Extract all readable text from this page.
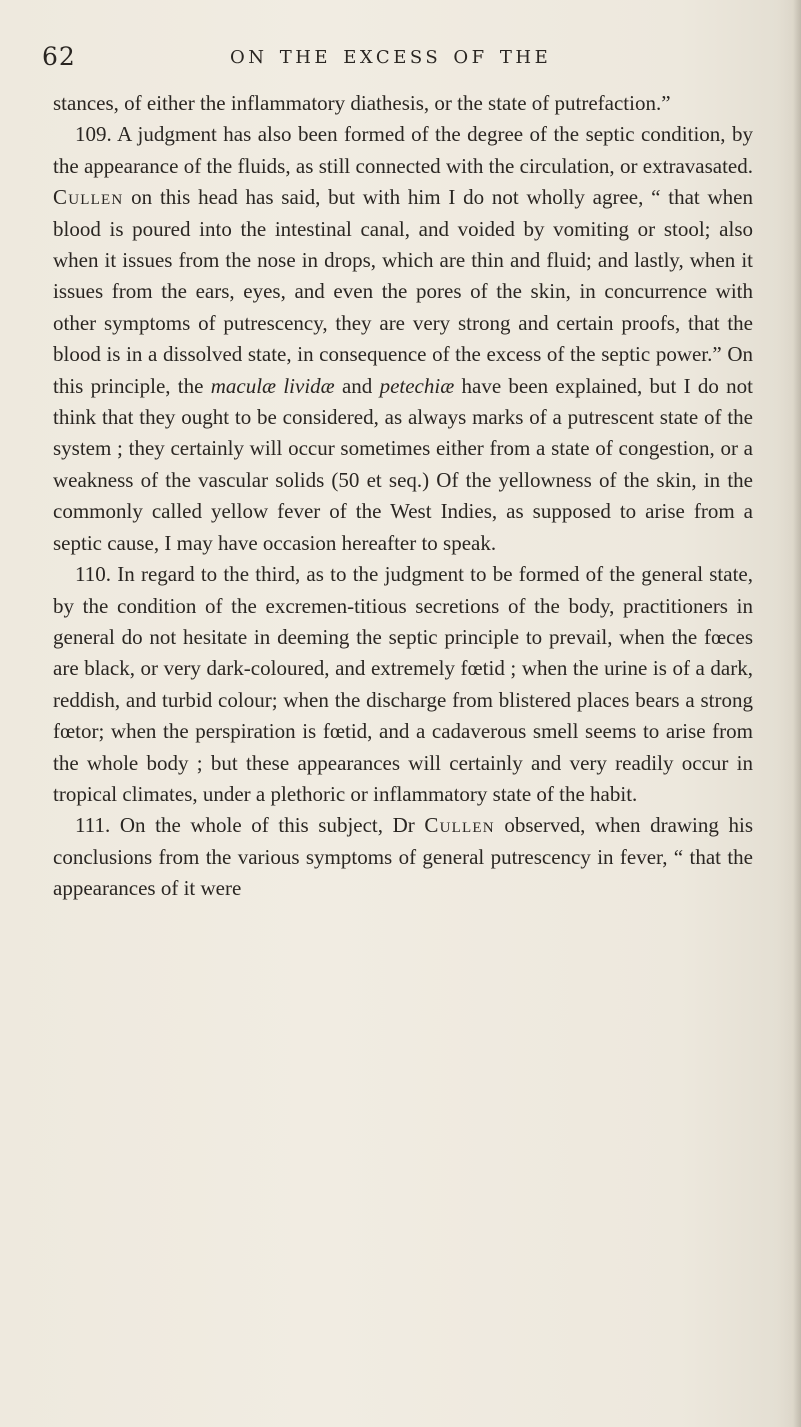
62	ON THE EXCESS OF THE

stances, of either the inflammatory diathesis, or the state of putrefaction.”

109. A judgment has also been formed of the degree of the septic condition, by the appearance of the fluids, as still connected with the circulation, or extravasated. Cullen on this head has said, but with him I do not wholly agree, “ that when blood is poured into the intestinal canal, and voided by vomiting or stool; also when it issues from the nose in drops, which are thin and fluid; and lastly, when it issues from the ears, eyes, and even the pores of the skin, in concurrence with other symptoms of putrescency, they are very strong and certain proofs, that the blood is in a dissolved state, in consequence of the excess of the septic power.” On this principle, the maculæ lividæ and petechiæ have been explained, but I do not think that they ought to be considered, as always marks of a putrescent state of the system ; they certainly will occur sometimes either from a state of congestion, or a weakness of the vascular solids (50 et seq.) Of the yellowness of the skin, in the commonly called yellow fever of the West Indies, as supposed to arise from a septic cause, I may have occasion hereafter to speak.

110. In regard to the third, as to the judgment to be formed of the general state, by the condition of the excremen-titious secretions of the body, practitioners in general do not hesitate in deeming the septic principle to prevail, when the fœces are black, or very dark-coloured, and extremely fœtid ; when the urine is of a dark, reddish, and turbid colour; when the discharge from blistered places bears a strong fœtor; when the perspiration is fœtid, and a cadaverous smell seems to arise from the whole body ; but these appearances will certainly and very readily occur in tropical climates, under a plethoric or inflammatory state of the habit.

111. On the whole of this subject, Dr Cullen observed, when drawing his conclusions from the various symptoms of general putrescency in fever, “ that the appearances of it were
